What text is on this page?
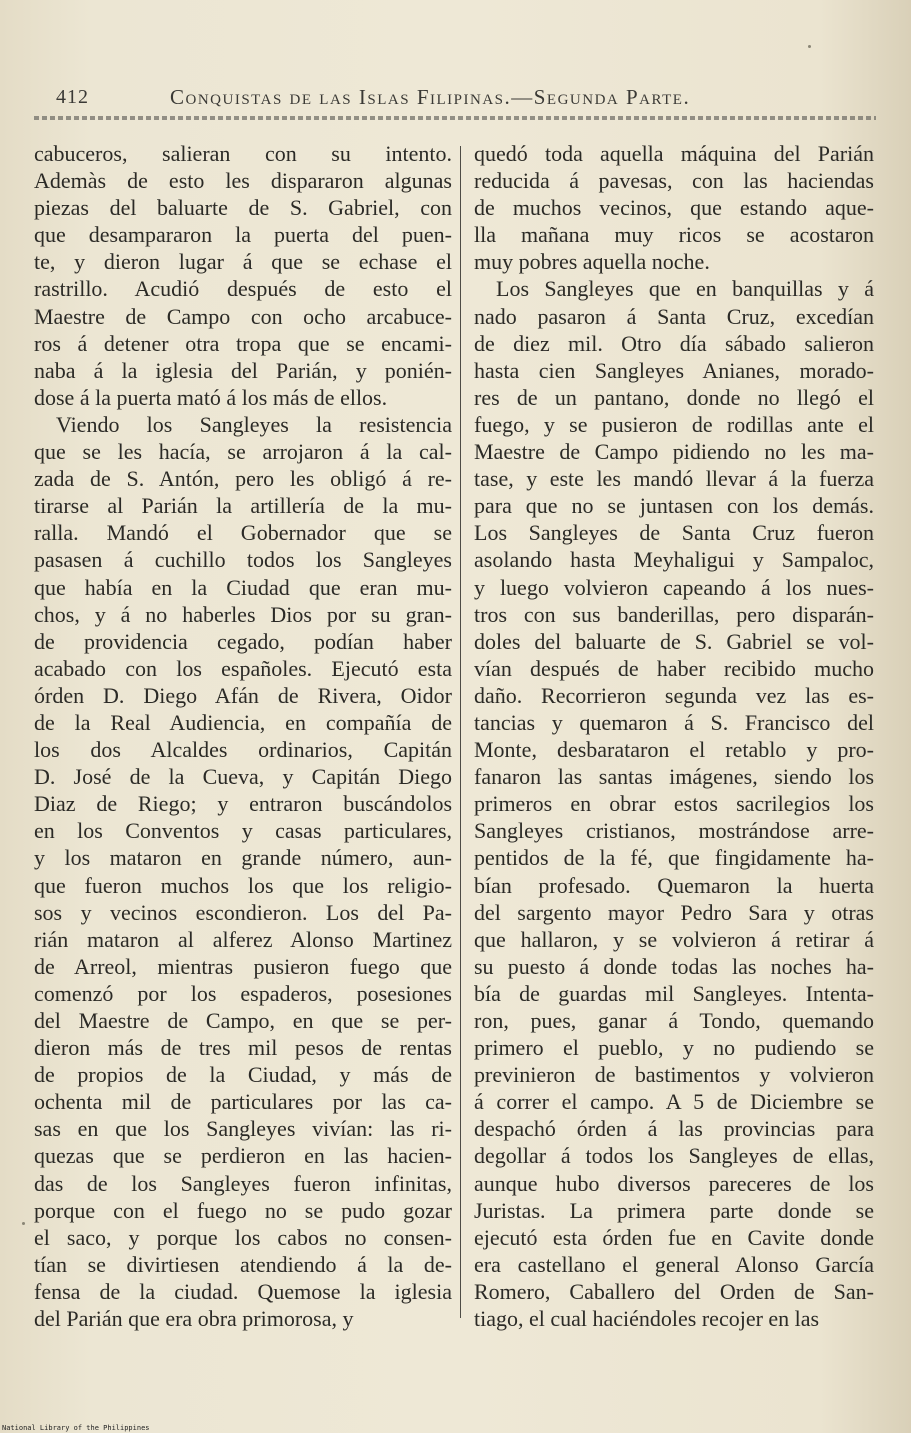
412	Conquistas de las Islas Filipinas.—Segunda Parte.
cabuceros, salieran con su intento.
Ademàs de esto les dispararon algunas
piezas del baluarte de S. Gabriel, con
que desampararon la puerta del puen-
te, y dieron lugar á que se echase el
rastrillo. Acudió después de esto el
Maestre de Campo con ocho arcabuce-
ros á detener otra tropa que se encami-
naba á la iglesia del Parián, y ponién-
dose á la puerta mató á los más de ellos.
Viendo los Sangleyes la resistencia
que se les hacía, se arrojaron á la cal-
zada de S. Antón, pero les obligó á re-
tirarse al Parián la artillería de la mu-
ralla. Mandó el Gobernador que se
pasasen á cuchillo todos los Sangleyes
que había en la Ciudad que eran mu-
chos, y á no haberles Dios por su gran-
de providencia cegado, podían haber
acabado con los españoles. Ejecutó esta
órden D. Diego Afán de Rivera, Oidor
de la Real Audiencia, en compañía de
los dos Alcaldes ordinarios, Capitán
D. José de la Cueva, y Capitán Diego
Diaz de Riego; y entraron buscándolos
en los Conventos y casas particulares,
y los mataron en grande número, aun-
que fueron muchos los que los religio-
sos y vecinos escondieron. Los del Pa-
rián mataron al alferez Alonso Martinez
de Arreol, mientras pusieron fuego que
comenzó por los espaderos, posesiones
del Maestre de Campo, en que se per-
dieron más de tres mil pesos de rentas
de propios de la Ciudad, y más de
ochenta mil de particulares por las ca-
sas en que los Sangleyes vivían: las ri-
quezas que se perdieron en las hacien-
das de los Sangleyes fueron infinitas,
porque con el fuego no se pudo gozar
el saco, y porque los cabos no consen-
tían se divirtiesen atendiendo á la de-
fensa de la ciudad. Quemose la iglesia
del Parián que era obra primorosa, y
quedó toda aquella máquina del Parián
reducida á pavesas, con las haciendas
de muchos vecinos, que estando aque-
lla mañana muy ricos se acostaron
muy pobres aquella noche.
Los Sangleyes que en banquillas y á
nado pasaron á Santa Cruz, excedían
de diez mil. Otro día sábado salieron
hasta cien Sangleyes Anianes, morado-
res de un pantano, donde no llegó el
fuego, y se pusieron de rodillas ante el
Maestre de Campo pidiendo no les ma-
tase, y este les mandó llevar á la fuerza
para que no se juntasen con los demás.
Los Sangleyes de Santa Cruz fueron
asolando hasta Meyhaligui y Sampaloc,
y luego volvieron capeando á los nues-
tros con sus banderillas, pero disparán-
doles del baluarte de S. Gabriel se vol-
vían después de haber recibido mucho
daño. Recorrieron segunda vez las es-
tancias y quemaron á S. Francisco del
Monte, desbarataron el retablo y pro-
fanaron las santas imágenes, siendo los
primeros en obrar estos sacrilegios los
Sangleyes cristianos, mostrándose arre-
pentidos de la fé, que fingidamente ha-
bían profesado. Quemaron la huerta
del sargento mayor Pedro Sara y otras
que hallaron, y se volvieron á retirar á
su puesto á donde todas las noches ha-
bía de guardas mil Sangleyes. Intenta-
ron, pues, ganar á Tondo, quemando
primero el pueblo, y no pudiendo se
previnieron de bastimentos y volvieron
á correr el campo. A 5 de Diciembre se
despachó órden á las provincias para
degollar á todos los Sangleyes de ellas,
aunque hubo diversos pareceres de los
Juristas. La primera parte donde se
ejecutó esta órden fue en Cavite donde
era castellano el general Alonso García
Romero, Caballero del Orden de San-
tiago, el cual haciéndoles recojer en las
National Library of the Philippines
